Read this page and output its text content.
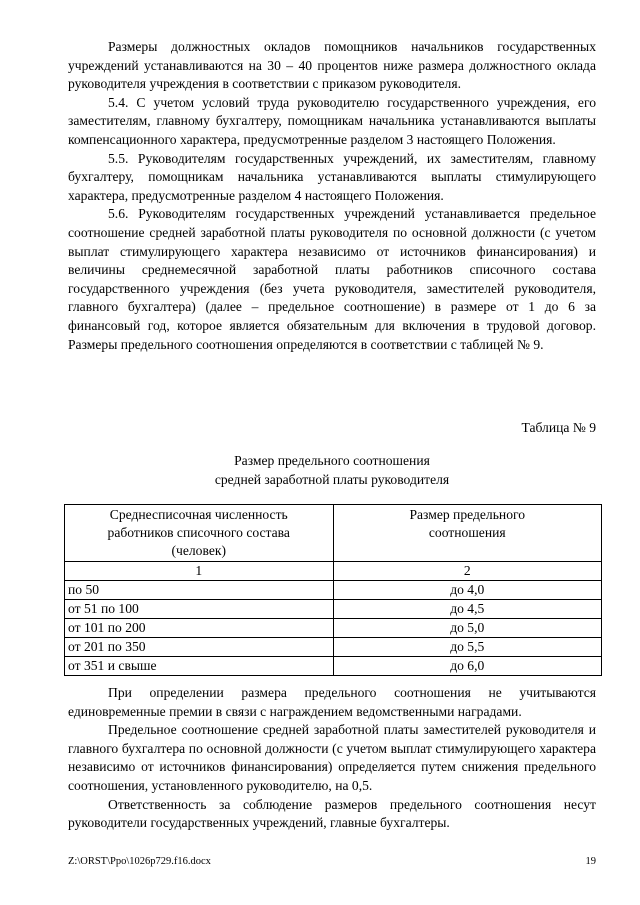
Размеры должностных окладов помощников начальников государственных учреждений устанавливаются на 30 – 40 процентов ниже размера должностного оклада руководителя учреждения в соответствии с приказом руководителя.

5.4. С учетом условий труда руководителю государственного учреждения, его заместителям, главному бухгалтеру, помощникам начальника устанавливаются выплаты компенсационного характера, предусмотренные разделом 3 настоящего Положения.

5.5. Руководителям государственных учреждений, их заместителям, главному бухгалтеру, помощникам начальника устанавливаются выплаты стимулирующего характера, предусмотренные разделом 4 настоящего Положения.

5.6. Руководителям государственных учреждений устанавливается предельное соотношение средней заработной платы руководителя по основной должности (с учетом выплат стимулирующего характера независимо от источников финансирования) и величины среднемесячной заработной платы работников списочного состава государственного учреждения (без учета руководителя, заместителей руководителя, главного бухгалтера) (далее – предельное соотношение) в размере от 1 до 6 за финансовый год, которое является обязательным для включения в трудовой договор. Размеры предельного соотношения определяются в соответствии с таблицей № 9.

Таблица № 9
Размер предельного соотношения
средней заработной платы руководителя
Среднесписочная численность работников списочного состава (человек)	Размер предельного соотношения
1	2
по 50	до 4,0
от 51 по 100	до 4,5
от 101 по 200	до 5,0
от 201 по 350	до 5,5
от 351 и свыше	до 6,0

При определении размера предельного соотношения не учитываются единовременные премии в связи с награждением ведомственными наградами.

Предельное соотношение средней заработной платы заместителей руководителя и главного бухгалтера по основной должности (с учетом выплат стимулирующего характера независимо от источников финансирования) определяется путем снижения предельного соотношения, установленного руководителю, на 0,5.

Ответственность за соблюдение размеров предельного соотношения несут руководители государственных учреждений, главные бухгалтеры.

Z:\ORST\Ppo\1026p729.f16.docx	19
